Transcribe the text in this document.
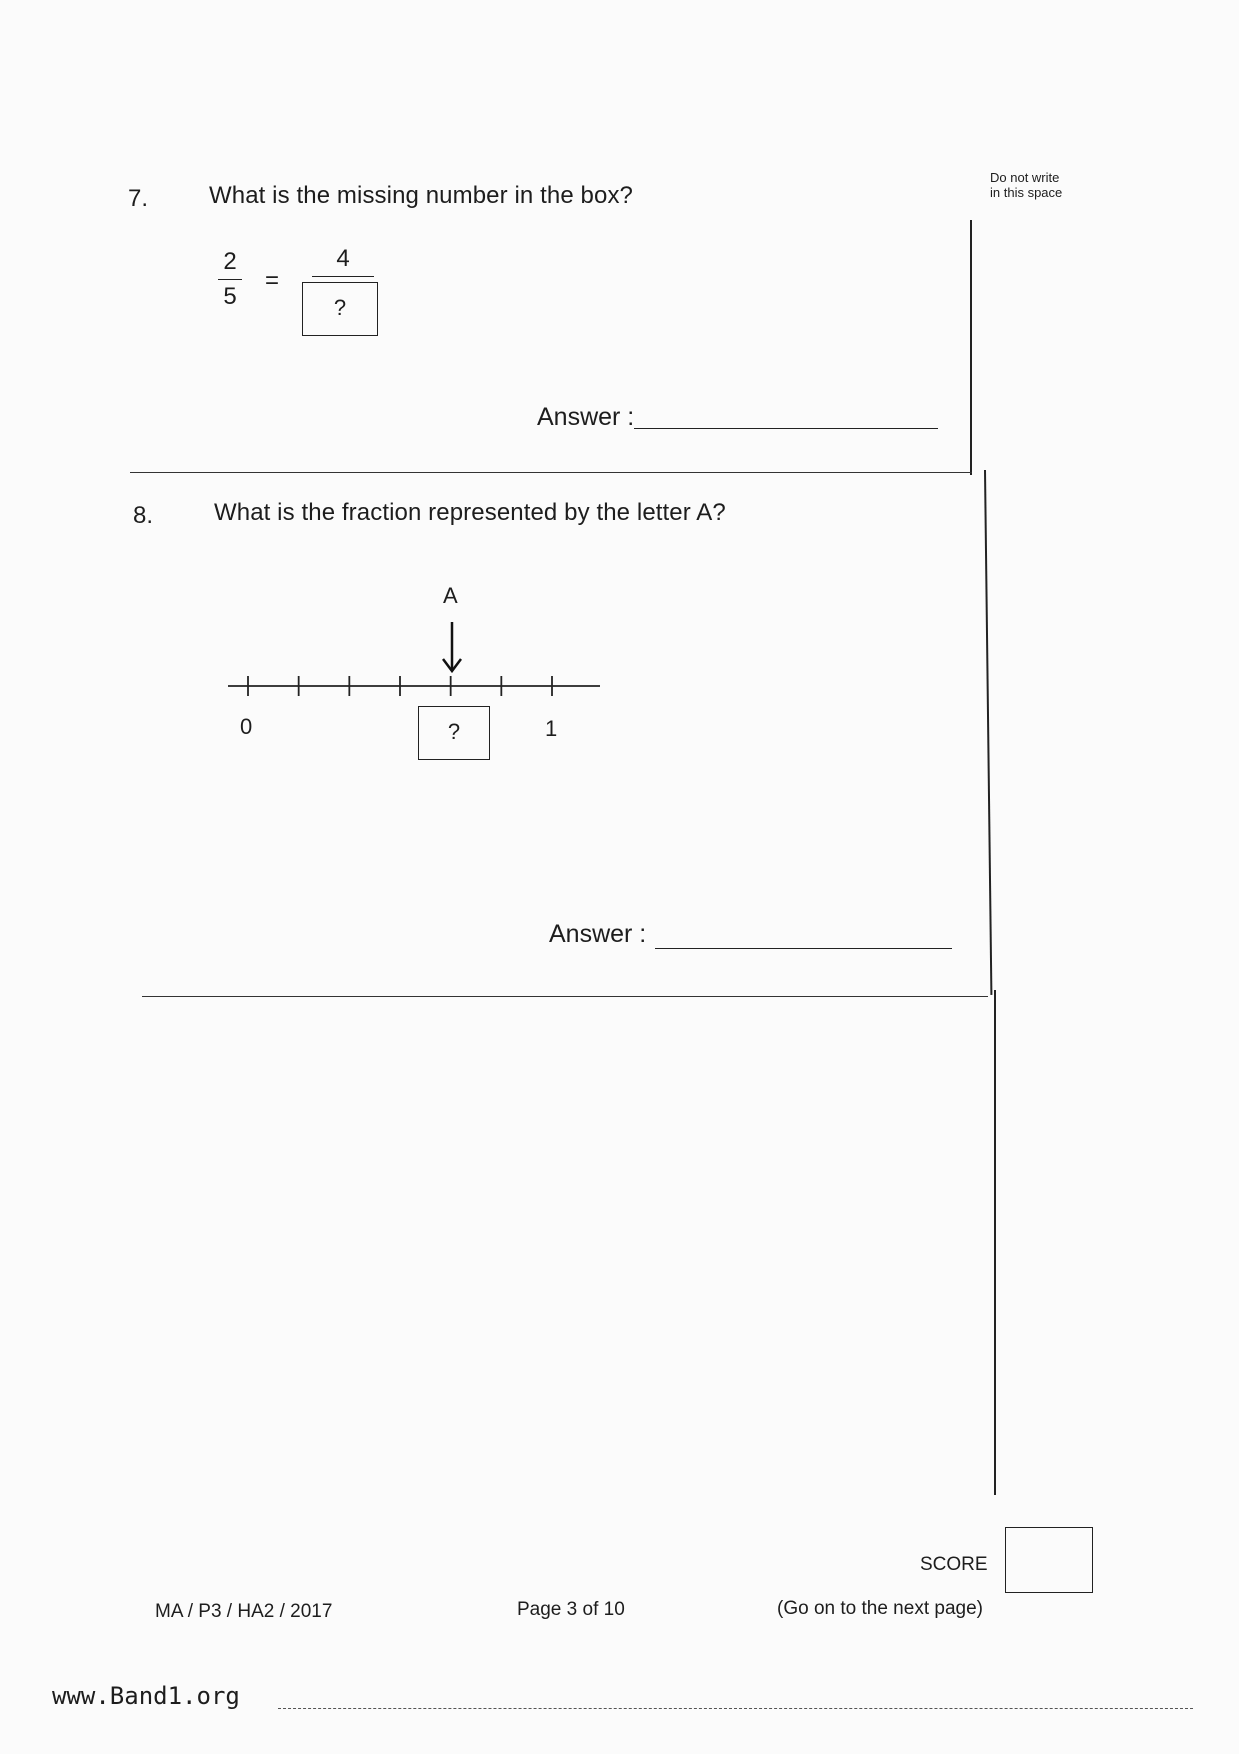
Do not write
in this space
7.	What is the missing number in the box?
2
5
=
4
?
Answer :
8.	What is the fraction represented by the letter A?
A
0	1
?
Answer :
SCORE
MA / P3 / HA2 / 2017	Page 3 of 10	(Go on to the next page)
www.Band1.org
